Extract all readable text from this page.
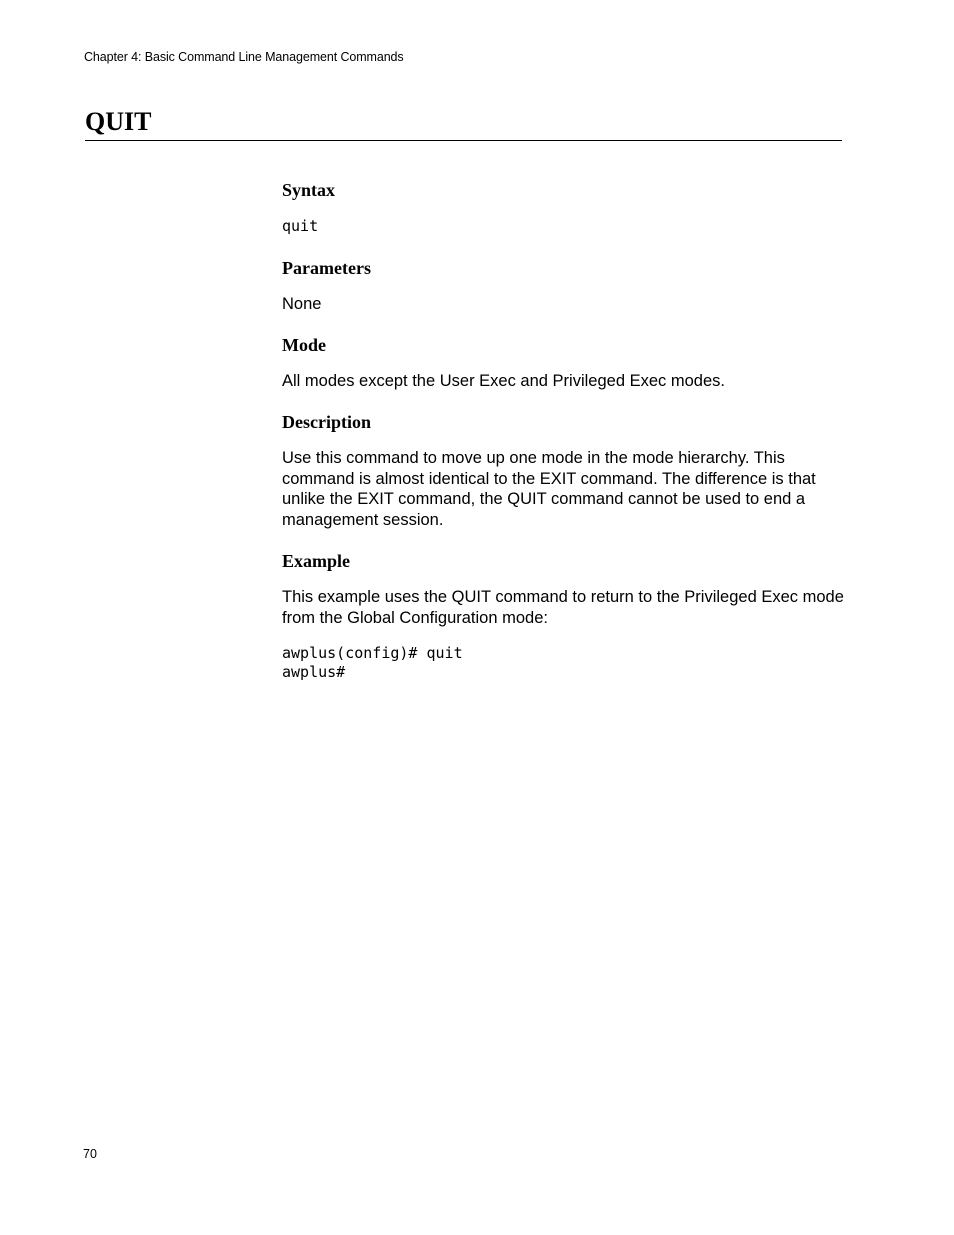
Chapter 4: Basic Command Line Management Commands
QUIT
Syntax
quit
Parameters

None

Mode

All modes except the User Exec and Privileged Exec modes.

Description

Use this command to move up one mode in the mode hierarchy. This command is almost identical to the EXIT command. The difference is that unlike the EXIT command, the QUIT command cannot be used to end a management session.

Example

This example uses the QUIT command to return to the Privileged Exec mode from the Global Configuration mode:

awplus(config)# quit
awplus#
70
